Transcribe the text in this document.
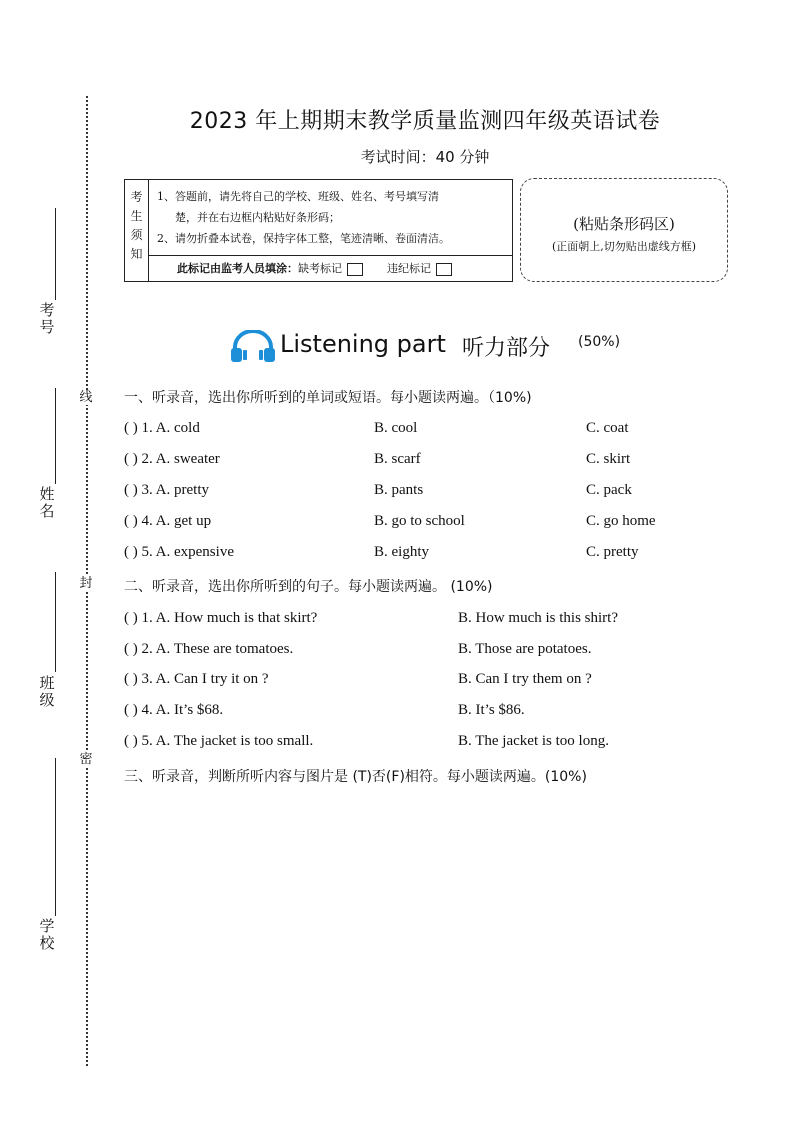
考号
姓名
班级
学校
线
封
密
2023 年上期期末教学质量监测四年级英语试卷
考试时间：40 分钟
考
生
须
知
1、答题前，请先将自己的学校、班级、姓名、考号填写清
楚，并在右边框内粘贴好条形码；
2、请勿折叠本试卷，保持字体工整，笔迹清晰、卷面清洁。
此标记由监考人员填涂：缺考标记	违纪标记
(粘贴条形码区)
(正面朝上,切勿贴出虚线方框)
Listening part 听力部分 (50%)
一、听录音，选出你所听到的单词或短语。每小题读两遍。（10%)
( ) 1. A. cold	B. cool	C. coat
( ) 2. A. sweater	B. scarf	C. skirt
( ) 3. A. pretty	B. pants	C. pack
( ) 4. A. get up	B. go to school	C. go home
( ) 5. A. expensive	B. eighty	C. pretty
二、听录音，选出你所听到的句子。每小题读两遍。 (10%)
( ) 1. A. How much is that skirt?	B. How much is this shirt?
( ) 2. A. These are tomatoes.	B. Those are potatoes.
( ) 3. A. Can I try it on ?	B. Can I try them on ?
( ) 4. A. It’s $68.	B. It’s $86.
( ) 5. A. The jacket is too small.	B. The jacket is too long.
三、听录音，判断所听内容与图片是 (T)否(F)相符。每小题读两遍。(10%)
